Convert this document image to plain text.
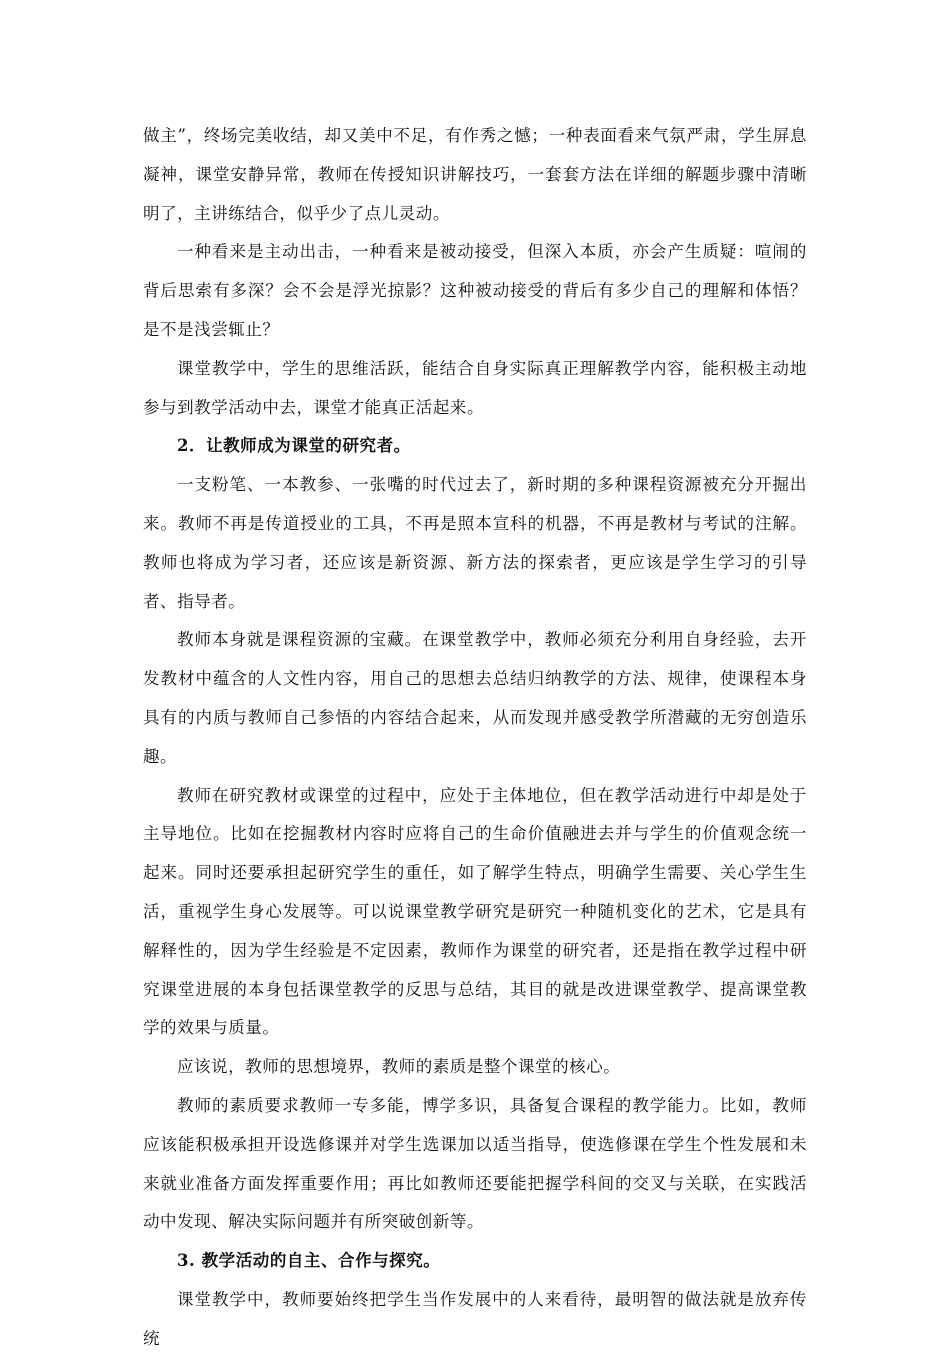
做主”，终场完美收结，却又美中不足，有作秀之憾；一种表面看来气氛严肃，学生屏息凝神，课堂安静异常，教师在传授知识讲解技巧，一套套方法在详细的解题步骤中清晰明了，主讲练结合，似乎少了点儿灵动。

一种看来是主动出击，一种看来是被动接受，但深入本质，亦会产生质疑：喧闹的背后思索有多深？会不会是浮光掠影？这种被动接受的背后有多少自己的理解和体悟？是不是浅尝辄止？

课堂教学中，学生的思维活跃，能结合自身实际真正理解教学内容，能积极主动地参与到教学活动中去，课堂才能真正活起来。

2．让教师成为课堂的研究者。

一支粉笔、一本教参、一张嘴的时代过去了，新时期的多种课程资源被充分开掘出来。教师不再是传道授业的工具，不再是照本宣科的机器，不再是教材与考试的注解。教师也将成为学习者，还应该是新资源、新方法的探索者，更应该是学生学习的引导者、指导者。

教师本身就是课程资源的宝藏。在课堂教学中，教师必须充分利用自身经验，去开发教材中蕴含的人文性内容，用自己的思想去总结归纳教学的方法、规律，使课程本身具有的内质与教师自己参悟的内容结合起来，从而发现并感受教学所潜藏的无穷创造乐趣。

教师在研究教材或课堂的过程中，应处于主体地位，但在教学活动进行中却是处于主导地位。比如在挖掘教材内容时应将自己的生命价值融进去并与学生的价值观念统一起来。同时还要承担起研究学生的重任，如了解学生特点，明确学生需要、关心学生生活，重视学生身心发展等。可以说课堂教学研究是研究一种随机变化的艺术，它是具有解释性的，因为学生经验是不定因素，教师作为课堂的研究者，还是指在教学过程中研究课堂进展的本身包括课堂教学的反思与总结，其目的就是改进课堂教学、提高课堂教学的效果与质量。

应该说，教师的思想境界，教师的素质是整个课堂的核心。

教师的素质要求教师一专多能，博学多识，具备复合课程的教学能力。比如，教师应该能积极承担开设选修课并对学生选课加以适当指导，使选修课在学生个性发展和未来就业准备方面发挥重要作用；再比如教师还要能把握学科间的交叉与关联，在实践活动中发现、解决实际问题并有所突破创新等。

3. 教学活动的自主、合作与探究。

课堂教学中，教师要始终把学生当作发展中的人来看待，最明智的做法就是放弃传统
